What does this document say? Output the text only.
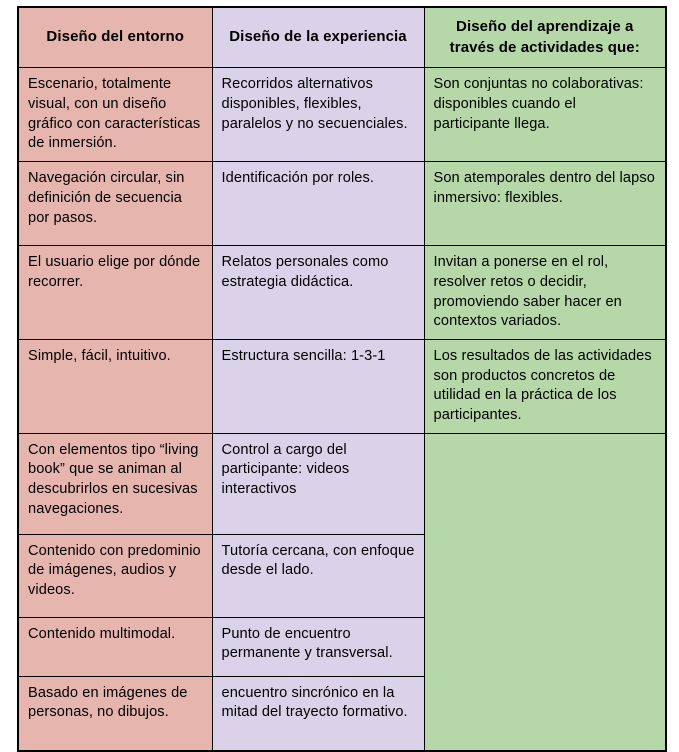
Diseño del entorno	Diseño de la experiencia	Diseño del aprendizaje a través de actividades que:

Escenario, totalmente visual, con un diseño gráfico con características de inmersión.	Recorridos alternativos disponibles, flexibles, paralelos y no secuenciales.	Son conjuntas no colaborativas: disponibles cuando el participante llega.

Navegación circular, sin definición de secuencia por pasos.	Identificación por roles.	Son atemporales dentro del lapso inmersivo: flexibles.

El usuario elige por dónde recorrer.	Relatos personales como estrategia didáctica.	Invitan a ponerse en el rol, resolver retos o decidir, promoviendo saber hacer en contextos variados.

Simple, fácil, intuitivo.	Estructura sencilla: 1-3-1	Los resultados de las actividades son productos concretos de utilidad en la práctica de los participantes.

Con elementos tipo “living book” que se animan al descubrirlos en sucesivas navegaciones.	Control a cargo del participante: videos interactivos	

Contenido con predominio de imágenes, audios y videos.	Tutoría cercana, con enfoque desde el lado.	

Contenido multimodal.	Punto de encuentro permanente y transversal.	

Basado en imágenes de personas, no dibujos.	encuentro sincrónico en la mitad del trayecto formativo.	
